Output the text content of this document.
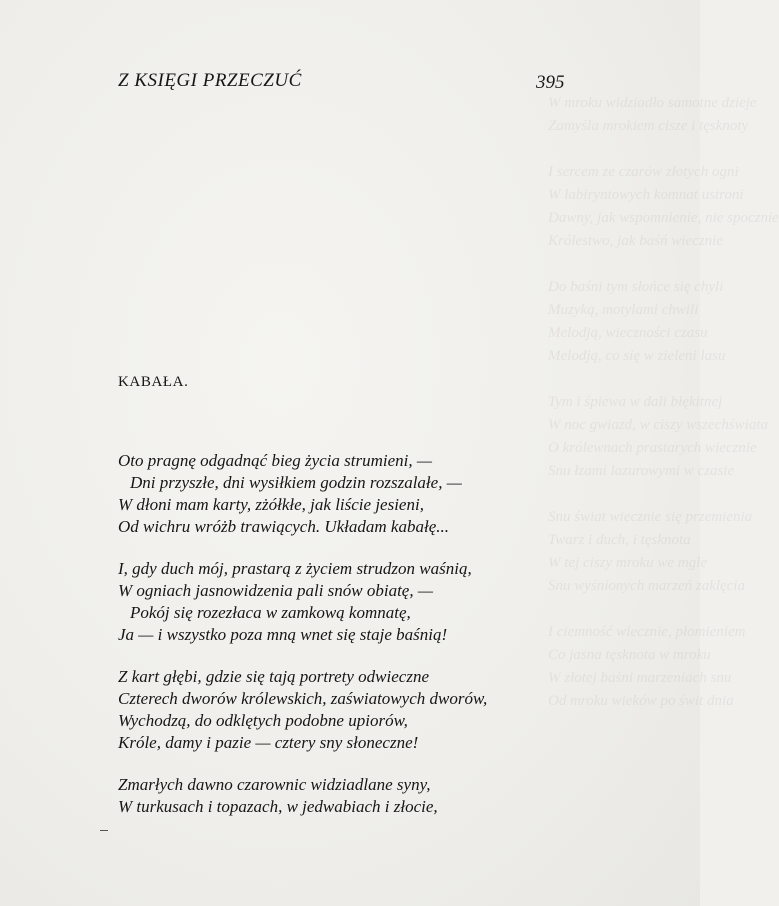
W mroku widziadło samotne dzieje
Zamyśla mrokiem cisze i tęsknoty
I sercem ze czarów złotych ogni
W labiryntowych komnat ustroni
Dawny, jak wspomnienie, nie spocznie
Królestwo, jak baśń wiecznie
Do baśni tym słońce się chyli
Muzyką, motylami chwili
Melodją, wieczności czasu
Melodją, co się w zieleni lasu
Tym i śpiewa w dali błękitnej
W noc gwiazd, w ciszy wszechświata
O królewnach prastarych wiecznie
Snu łzami lazurowymi w czasie
Snu świat wiecznie się przemienia
Twarz i duch, i tęsknota
W tej ciszy mroku we mgle
Snu wyśnionych marzeń zaklęcia
I ciemność wiecznie, płomieniem
Co jasna tęsknota w mroku
W złotej baśni marzeniach snu
Od mroku wieków po świt dnia
Z KSIĘGI PRZECZUĆ	395
KABAŁA.
Oto pragnę odgadnąć bieg życia strumieni, —
Dni przyszłe, dni wysiłkiem godzin rozszalałe, —
W dłoni mam karty, zżółkłe, jak liście jesieni,
Od wichru wróżb trawiących. Układam kabałę...
I, gdy duch mój, prastarą z życiem strudzon waśnią,
W ogniach jasnowidzenia pali snów obiatę, —
Pokój się rozezłaca w zamkową komnatę,
Ja — i wszystko poza mną wnet się staje baśnią!
Z kart głębi, gdzie się tają portrety odwieczne
Czterech dworów królewskich, zaświatowych dworów,
Wychodzą, do odklętych podobne upiorów,
Króle, damy i pazie — cztery sny słoneczne!
Zmarłych dawno czarownic widziadlane syny,
W turkusach i topazach, w jedwabiach i złocie,
